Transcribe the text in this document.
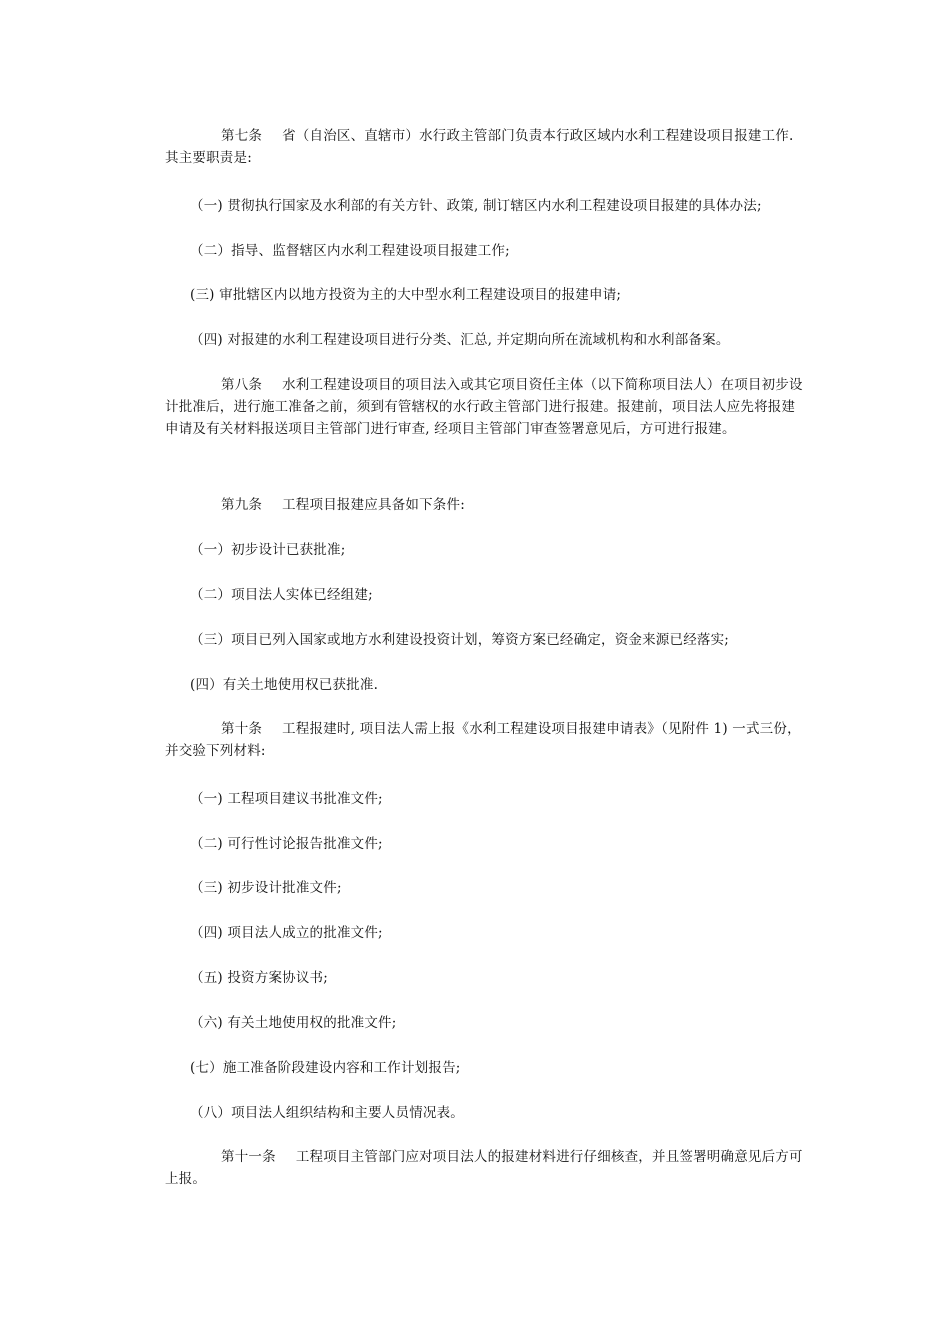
第七条 省（自治区、直辖市）水行政主管部门负责本行政区域内水利工程建设项目报建工作. 其主要职责是:

（一) 贯彻执行国家及水利部的有关方针、政策, 制订辖区内水利工程建设项目报建的具体办法;

（二）指导、监督辖区内水利工程建设项目报建工作;

(三) 审批辖区内以地方投资为主的大中型水利工程建设项目的报建申请;

（四) 对报建的水利工程建设项目进行分类、汇总, 并定期向所在流域机构和水利部备案。

第八条 水利工程建设项目的项目法入或其它项目资任主体（以下简称项目法人）在项目初步设计批准后，进行施工准备之前，须到有管辖权的水行政主管部门进行报建。报建前，项目法人应先将报建申请及有关材料报送项目主管部门进行审查, 经项目主管部门审查签署意见后，方可进行报建。

第九条 工程项目报建应具备如下条件:

（一）初步设计已获批准;

（二）项目法人实体已经组建;

（三）项目已列入国家或地方水利建设投资计划，筹资方案已经确定，资金来源已经落实;

(四）有关土地使用权已获批准.

第十条 工程报建时, 项目法人需上报《水利工程建设项目报建申请表》（见附件 1) 一式三份，并交验下列材料:

（一) 工程项目建议书批准文件;

（二) 可行性讨论报告批准文件;

（三) 初步设计批准文件;

（四) 项目法人成立的批准文件;

（五) 投资方案协议书;

（六) 有关土地使用权的批准文件;

(七）施工准备阶段建设内容和工作计划报告;

（八）项目法人组织结构和主要人员情况表。

第十一条 工程项目主管部门应对项目法人的报建材料进行仔细核查，并且签署明确意见后方可上报。
